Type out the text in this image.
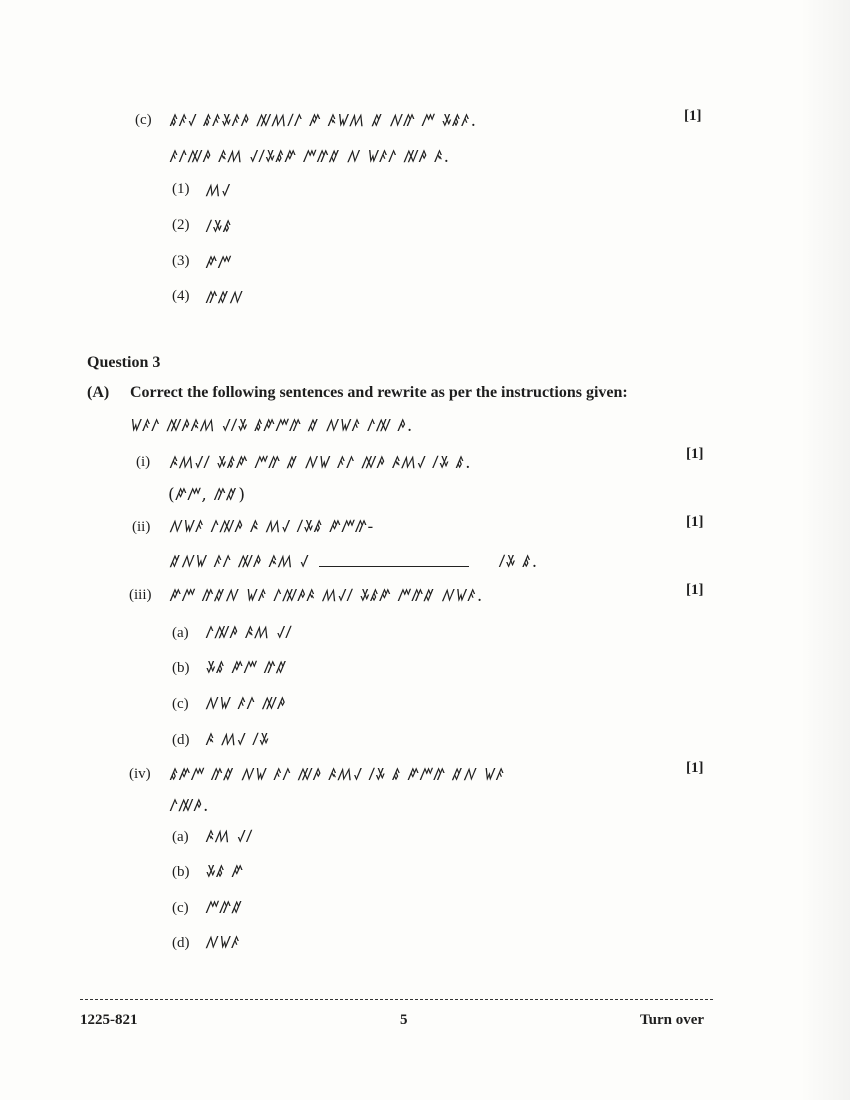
(c) ꤹꤰꤶ ꤹꤰꤸꤰꤳ ꤲꤵꤷꤱ ꤺ ꤴꤿꤵ ꤽ ꤾꤼ ꤻ ꤸꤹꤰ.	[1]
ꤰꤱꤲꤳ ꤴꤵ ꤶꤷꤸꤹꤺ ꤻꤼꤽ ꤾ ꤿꤰꤱ ꤲꤳ ꤴ.
(1) ꤵꤶ
(2) ꤷꤸꤹ
(3) ꤺꤻ
(4) ꤼꤽꤾ
Question 3
(A) Correct the following sentences and rewrite as per the instructions given:
ꤿꤰꤱ ꤲꤳꤴꤵ ꤶꤷꤸ ꤹꤺꤻꤼ ꤽ ꤾꤿꤰ ꤱꤲ ꤳ.
(i) ꤴꤵꤶꤷ ꤸꤹꤺ ꤻꤼ ꤽ ꤾꤿ ꤰꤱ ꤲꤳ ꤴꤵꤶ ꤷꤸ ꤹ.	[1]
(ꤺꤻ, ꤼꤽ)
(ii) ꤾꤿꤰ ꤱꤲꤳ ꤴ ꤵꤶ ꤷꤸꤹ ꤺꤻꤼ-	[1]
ꤽꤾꤿ ꤰꤱ ꤲꤳ ꤴꤵ ꤶ	ꤷꤸ ꤹ.
(iii) ꤺꤻ ꤼꤽꤾ ꤿꤰ ꤱꤲꤳꤴ ꤵꤶꤷ ꤸꤹꤺ ꤻꤼꤽ ꤾꤿꤰ.	[1]
(a) ꤱꤲꤳ ꤴꤵ ꤶꤷ
(b) ꤸꤹ ꤺꤻ ꤼꤽ
(c) ꤾꤿ ꤰꤱ ꤲꤳ
(d) ꤴ ꤵꤶ ꤷꤸ
(iv) ꤹꤺꤻ ꤼꤽ ꤾꤿ ꤰꤱ ꤲꤳ ꤴꤵꤶ ꤷꤸ ꤹ ꤺꤻꤼ ꤽꤾ ꤿꤰ	[1]
ꤱꤲꤳ.
(a) ꤴꤵ ꤶꤷ
(b) ꤸꤹ ꤺ
(c) ꤻꤼꤽ
(d) ꤾꤿꤰ
1225-821	5	Turn over
